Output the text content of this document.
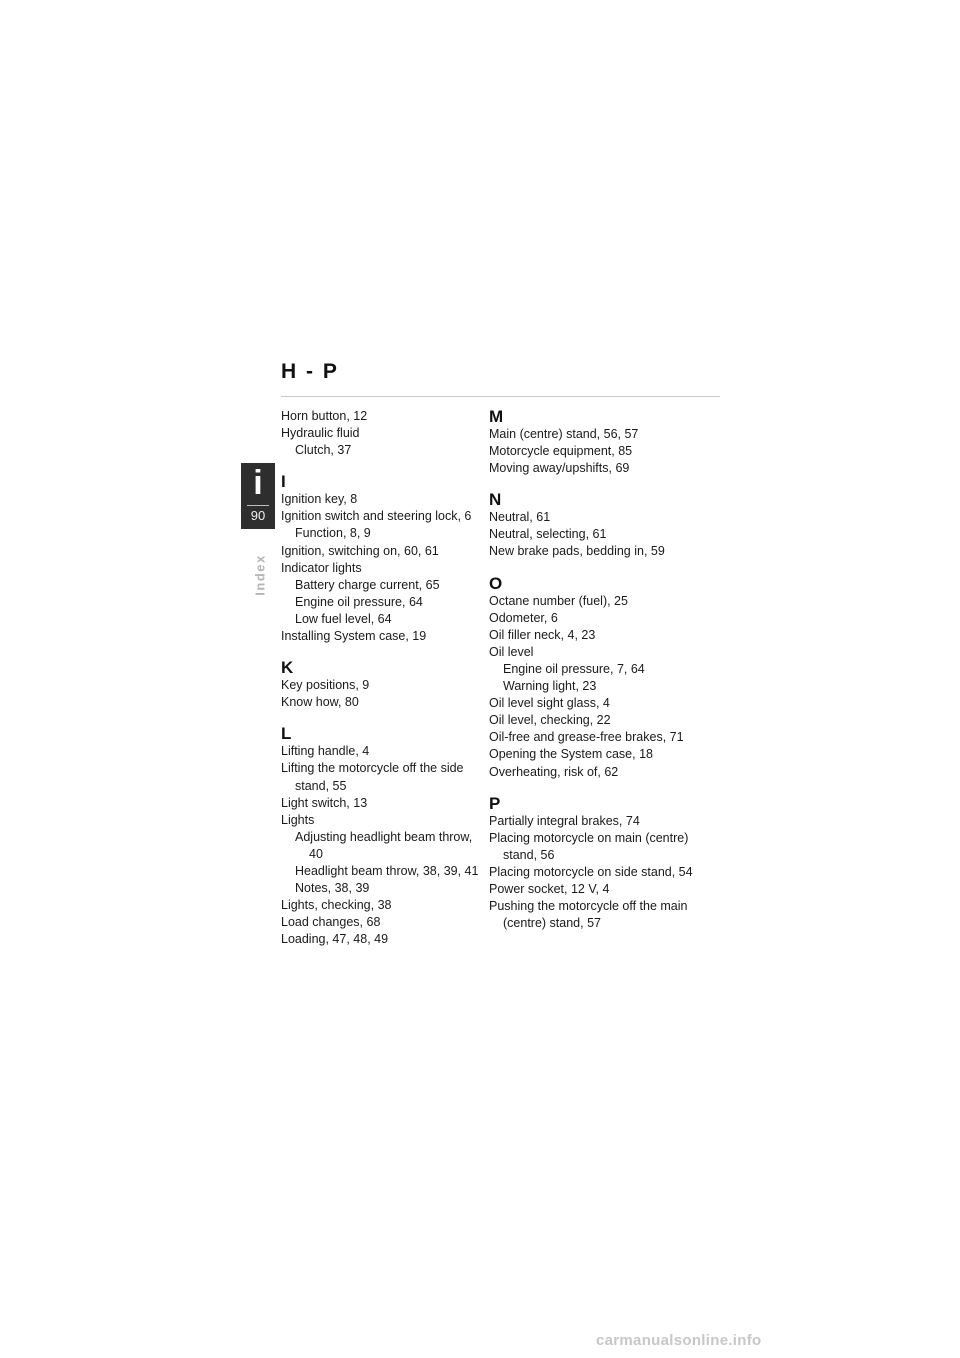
H - P
i
90
Index
Horn button, 12
Hydraulic fluid
Clutch, 37
I
Ignition key, 8
Ignition switch and steering lock, 6
Function, 8, 9
Ignition, switching on, 60, 61
Indicator lights
Battery charge current, 65
Engine oil pressure, 64
Low fuel level, 64
Installing System case, 19
K
Key positions, 9
Know how, 80
L
Lifting handle, 4
Lifting the motorcycle off the side stand, 55
Light switch, 13
Lights
Adjusting headlight beam throw, 40
Headlight beam throw, 38, 39, 41
Notes, 38, 39
Lights, checking, 38
Load changes, 68
Loading, 47, 48, 49
M
Main (centre) stand, 56, 57
Motorcycle equipment, 85
Moving away/upshifts, 69
N
Neutral, 61
Neutral, selecting, 61
New brake pads, bedding in, 59
O
Octane number (fuel), 25
Odometer, 6
Oil filler neck, 4, 23
Oil level
Engine oil pressure, 7, 64
Warning light, 23
Oil level sight glass, 4
Oil level, checking, 22
Oil-free and grease-free brakes, 71
Opening the System case, 18
Overheating, risk of, 62
P
Partially integral brakes, 74
Placing motorcycle on main (centre) stand, 56
Placing motorcycle on side stand, 54
Power socket, 12 V, 4
Pushing the motorcycle off the main (centre) stand, 57
carmanualsonline.info
